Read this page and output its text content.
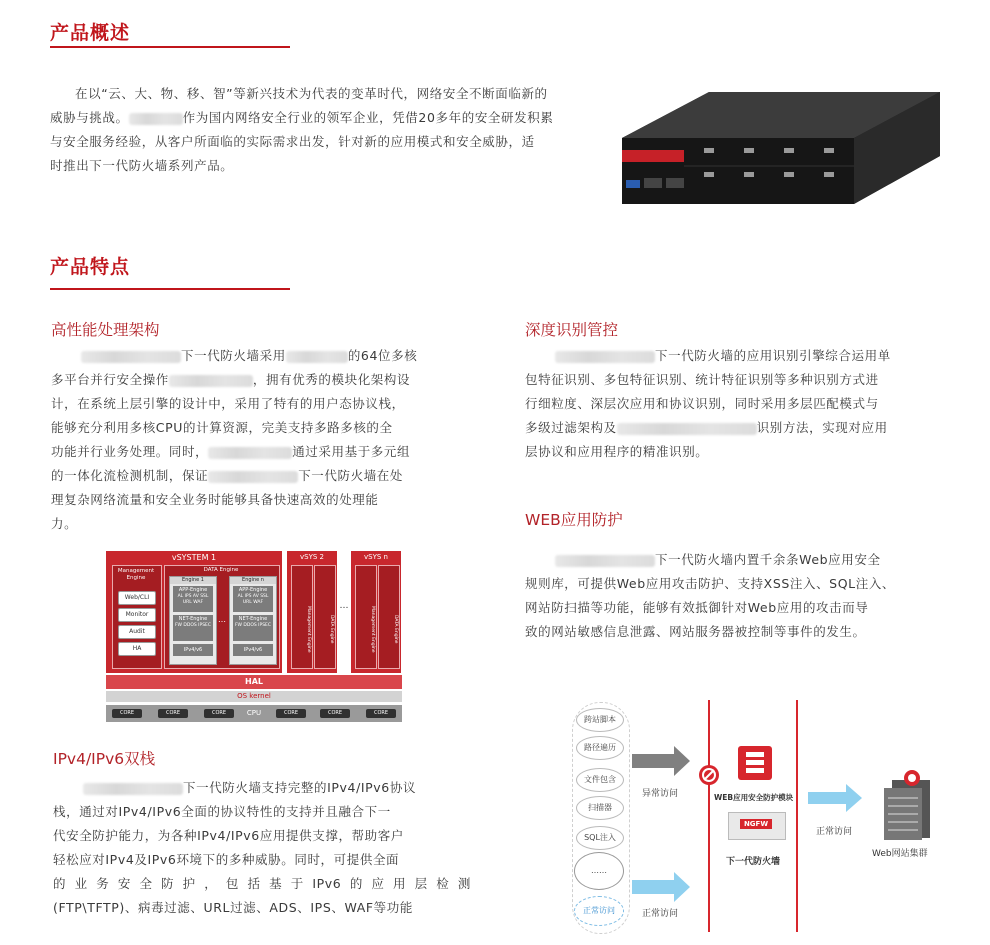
产品概述
在以“云、大、物、移、智”等新兴技术为代表的变革时代，网络安全不断面临新的
威胁与挑战。	作为国内网络安全行业的领军企业，凭借20多年的安全研发积累
与安全服务经验，从客户所面临的实际需求出发，针对新的应用模式和安全威胁，适
时推出下一代防火墙系列产品。
产品特点
高性能处理架构
下一代防火墙采用	的64位多核
多平台并行安全操作	，拥有优秀的模块化架构设
计，在系统上层引擎的设计中，采用了特有的用户态协议栈，
能够充分利用多核CPU的计算资源，完美支持多路多核的全
功能并行业务处理。同时，	通过采用基于多元组
的一体化流检测机制，保证	下一代防火墙在处
理复杂网络流量和安全业务时能够具备快速高效的处理能
力。
vSYSTEM 1
Management Engine
Web/CLI
Monitor
Audit
HA
DATA Engine
Engine 1
APP-Engine
AL IPS AV SSL URL WAF
NET-Engine
FW DDOS IPSEC
IPv4/v6
…
Engine n
APP-Engine
AL IPS AV SSL URL WAF
NET-Engine
FW DDOS IPSEC
IPv4/v6
vSYS 2
Management Engine	DATA Engine
…
vSYS n
Management Engine	DATA Engine
HAL
OS kernel
CPU
CORE	CORE	CORE	CORE	CORE	CORE
IPv4/IPv6双栈
下一代防火墙支持完整的IPv4/IPv6协议
栈，通过对IPv4/IPv6全面的协议特性的支持并且融合下一
代安全防护能力，为各种IPv4/IPv6应用提供支撑，帮助客户
轻松应对IPv4及IPv6环境下的多种威胁。同时，可提供全面
的业务安全防护，包括基于IPv6的应用层检测
(FTP\TFTP)、病毒过滤、URL过滤、ADS、IPS、WAF等功能
深度识别管控
下一代防火墙的应用识别引擎综合运用单
包特征识别、多包特征识别、统计特征识别等多种识别方式进
行细粒度、深层次应用和协议识别，同时采用多层匹配模式与
多级过滤架构及	识别方法，实现对应用
层协议和应用程序的精准识别。
WEB应用防护
下一代防火墙内置千余条Web应用安全
规则库，可提供Web应用攻击防护、支持XSS注入、SQL注入、
网站防扫描等功能，能够有效抵御针对Web应用的攻击而导
致的网站敏感信息泄露、网站服务器被控制等事件的发生。
跨站脚本
路径遍历
文件包含
扫描器
SQL注入
……
正常访问
异常访问
正常访问
WEB应用安全防护模块
NGFW
下一代防火墙
正常访问
Web网站集群
